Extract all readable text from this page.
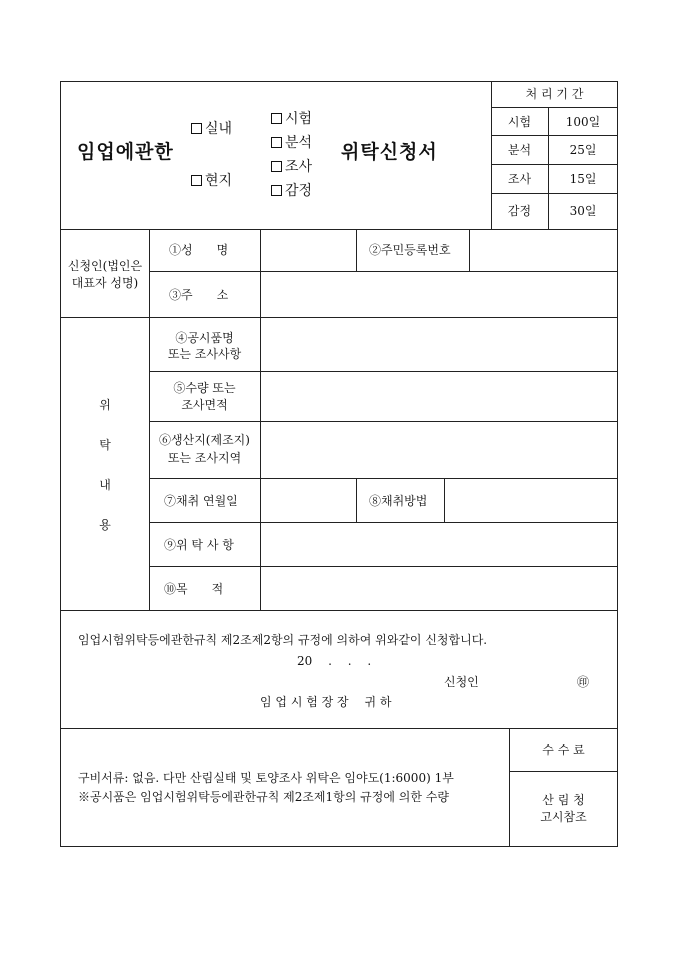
임업에관한
실내
현지
시험
분석
조사
감정
위탁신청서
처 리 기 간
시험	100일
분석	25일
조사	15일
감정	30일
신청인(법인은 대표자 성명)
①성　　명	②주민등록번호
③주　　소
위
탁
내
용
④공시품명
또는 조사사항
⑤수량 또는
조사면적
⑥생산지(제조지)
또는 조사지역
⑦채취 연월일	⑧채취방법
⑨위 탁 사 항
⑩목　　적
임업시험위탁등에관한규칙 제2조제2항의 규정에 의하여 위와같이 신청합니다.
20　 .　 .　 .
신청인	㊞
임 업 시 험 장 장　 귀 하
구비서류: 없음. 다만 산림실태 및 토양조사 위탁은 임야도(1:6000) 1부
※공시품은 임업시험위탁등에관한규칙 제2조제1항의 규정에 의한 수량
수 수 료
산 림 청
고시참조
